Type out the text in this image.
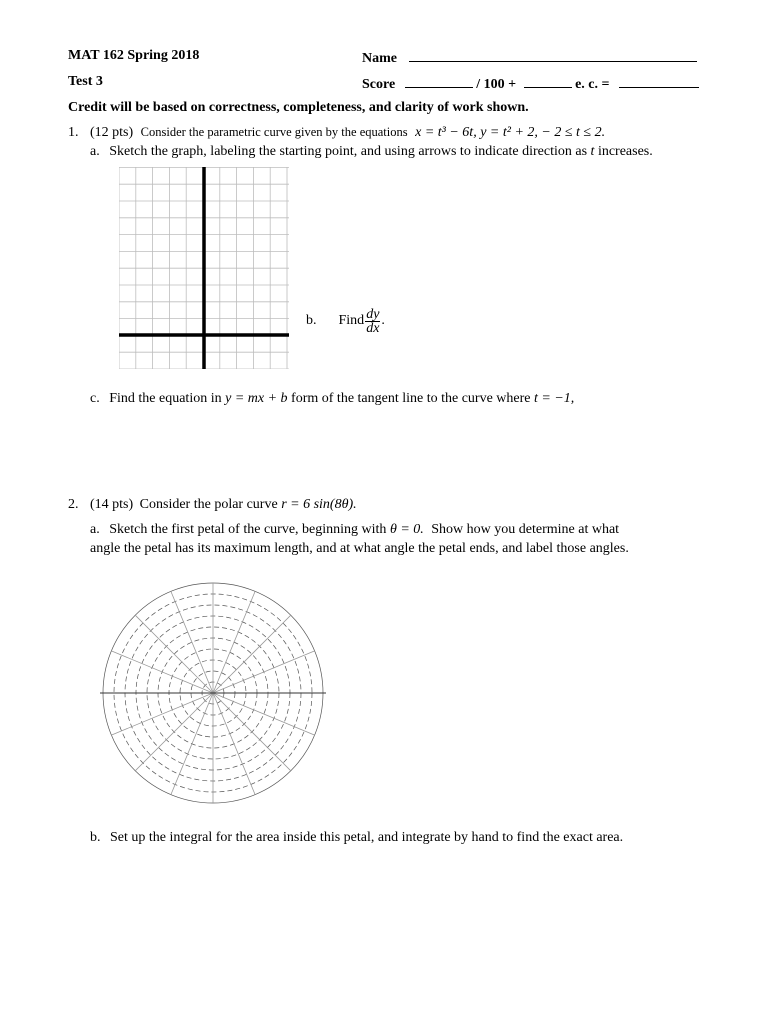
MAT 162 Spring 2018
Test 3
Name
Score	/ 100 +	e. c. =
Credit will be based on correctness, completeness, and clarity of work shown.
1. (12 pts) Consider the parametric curve given by the equations x = t³ − 6t, y = t² + 2, − 2 ≤ t ≤ 2.
a. Sketch the graph, labeling the starting point, and using arrows to indicate direction as t increases.
b. Find $\frac{dy}{dx}$ .
c. Find the equation in y = mx + b form of the tangent line to the curve where t = −1,
2. (14 pts) Consider the polar curve r = 6 sin(8θ).
a. Sketch the first petal of the curve, beginning with θ = 0. Show how you determine at what
angle the petal has its maximum length, and at what angle the petal ends, and label those angles.
b. Set up the integral for the area inside this petal, and integrate by hand to find the exact area.
